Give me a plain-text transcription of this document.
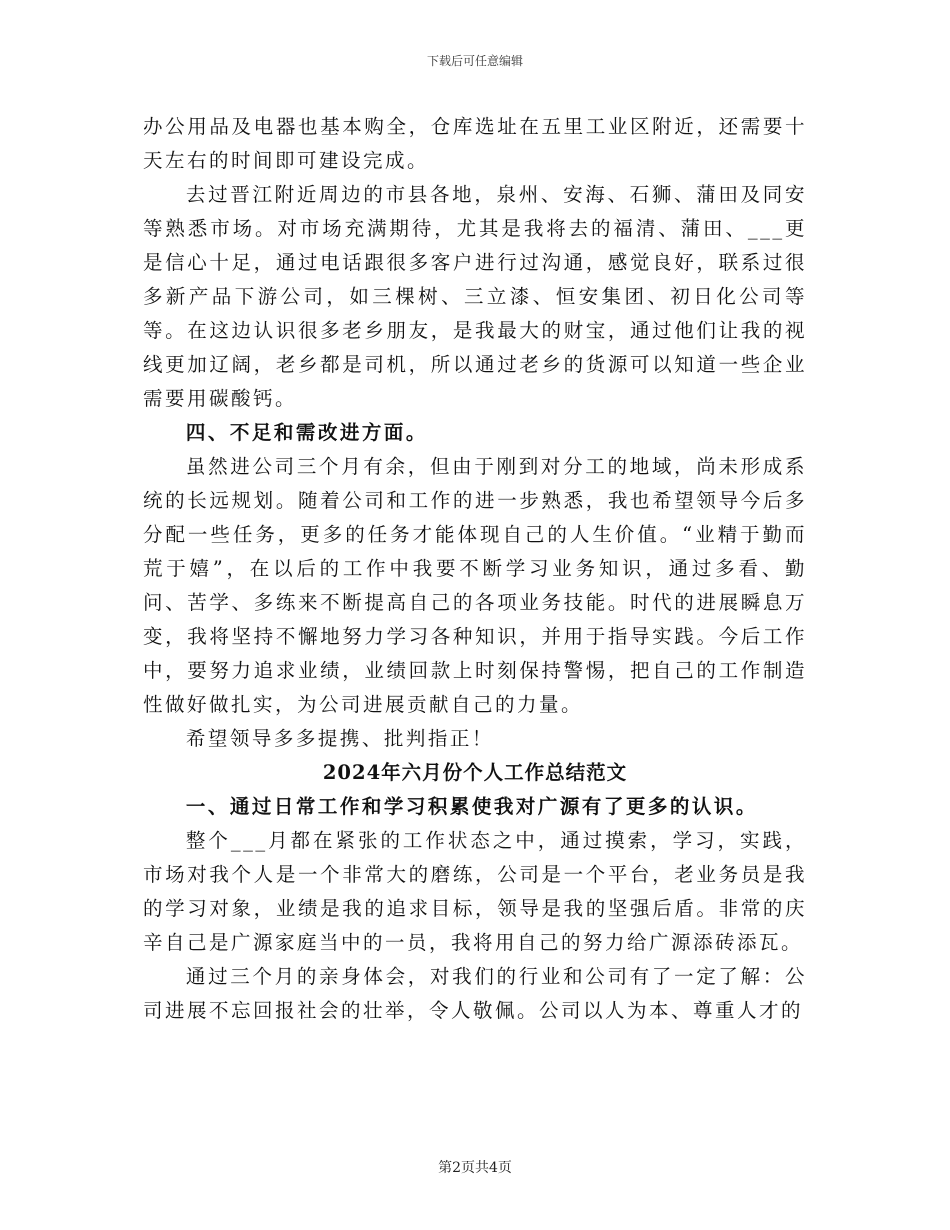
下载后可任意编辑

办公用品及电器也基本购全，仓库选址在五里工业区附近，还需要十天左右的时间即可建设完成。

去过晋江附近周边的市县各地，泉州、安海、石狮、蒲田及同安等熟悉市场。对市场充满期待，尤其是我将去的福清、蒲田、___更是信心十足，通过电话跟很多客户进行过沟通，感觉良好，联系过很多新产品下游公司，如三棵树、三立漆、恒安集团、初日化公司等等。在这边认识很多老乡朋友，是我最大的财宝，通过他们让我的视线更加辽阔，老乡都是司机，所以通过老乡的货源可以知道一些企业需要用碳酸钙。

四、不足和需改进方面。

虽然进公司三个月有余，但由于刚到对分工的地域，尚未形成系统的长远规划。随着公司和工作的进一步熟悉，我也希望领导今后多分配一些任务，更多的任务才能体现自己的人生价值。“业精于勤而荒于嬉”，在以后的工作中我要不断学习业务知识，通过多看、勤问、苦学、多练来不断提高自己的各项业务技能。时代的进展瞬息万变，我将坚持不懈地努力学习各种知识，并用于指导实践。今后工作中，要努力追求业绩，业绩回款上时刻保持警惕，把自己的工作制造性做好做扎实，为公司进展贡献自己的力量。

希望领导多多提携、批判指正！

2024年六月份个人工作总结范文

一、通过日常工作和学习积累使我对广源有了更多的认识。

整个___月都在紧张的工作状态之中，通过摸索，学习，实践，市场对我个人是一个非常大的磨练，公司是一个平台，老业务员是我的学习对象，业绩是我的追求目标，领导是我的坚强后盾。非常的庆辛自己是广源家庭当中的一员，我将用自己的努力给广源添砖添瓦。

通过三个月的亲身体会，对我们的行业和公司有了一定了解：公司进展不忘回报社会的壮举，令人敬佩。公司以人为本、尊重人才的

第2页共4页
